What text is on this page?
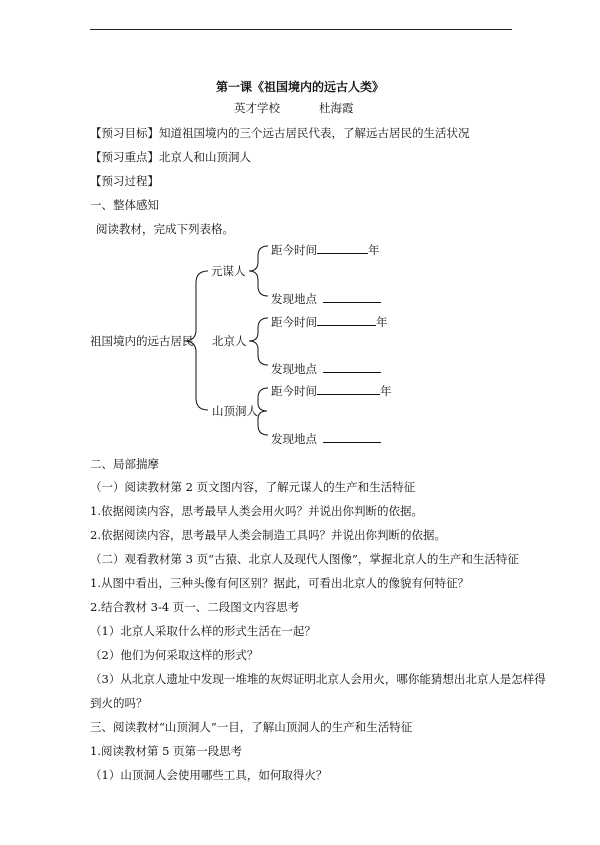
第一课《祖国境内的远古人类》
英才学校	杜海霞
【预习目标】知道祖国境内的三个远古居民代表，了解远古居民的生活状况
【预习重点】北京人和山顶洞人
【预习过程】
一、整体感知
阅读教材，完成下列表格。
祖国境内的远古居民
元谋人
北京人
山顶洞人
距今时间	年
发现地点
距今时间	年
发现地点
距今时间	年
发现地点
二、局部揣摩
（一）阅读教材第 2 页文图内容，了解元谋人的生产和生活特征
1.依据阅读内容，思考最早人类会用火吗？并说出你判断的依据。
2.依据阅读内容，思考最早人类会制造工具吗？并说出你判断的依据。
（二）观看教材第 3 页“古猿、北京人及现代人图像”，掌握北京人的生产和生活特征
1.从图中看出，三种头像有何区别？据此，可看出北京人的像貌有何特征？
2.结合教材 3-4 页一、二段图文内容思考
（1）北京人采取什么样的形式生活在一起？
（2）他们为何采取这样的形式？
（3）从北京人遗址中发现一堆堆的灰烬证明北京人会用火，哪你能猜想出北京人是怎样得
到火的吗？
三、阅读教材“山顶洞人”一目，了解山顶洞人的生产和生活特征
1.阅读教材第 5 页第一段思考
（1）山顶洞人会使用哪些工具，如何取得火？
